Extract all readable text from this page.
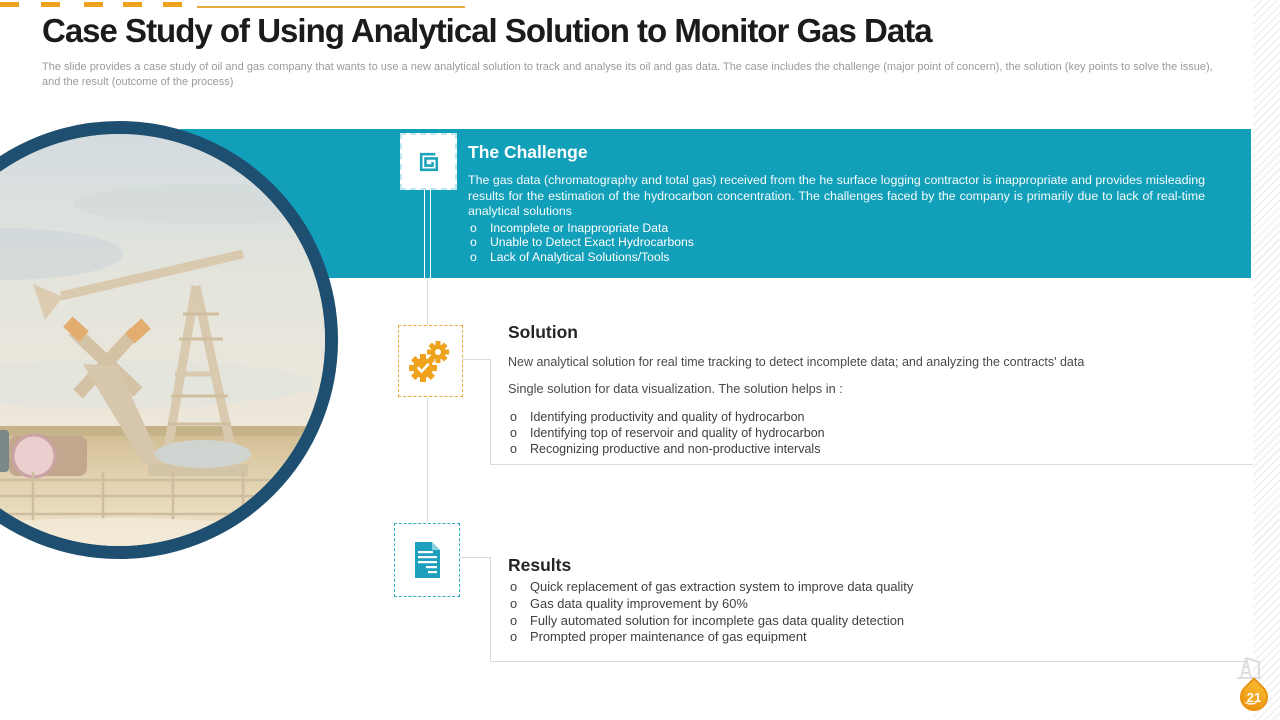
Case Study of Using Analytical Solution to Monitor Gas Data
The slide provides a case study of oil and gas company that wants to use a new analytical solution to track and analyse its oil and gas data. The case includes the challenge (major point of concern), the solution (key points to solve the issue), and the result (outcome of the process)
The Challenge
The gas data (chromatography and total gas) received from the he surface logging contractor is inappropriate and provides misleading results for the estimation of the hydrocarbon concentration. The challenges faced by the company is primarily due to lack of real-time analytical solutions
o	Incomplete or Inappropriate Data
o	Unable to Detect Exact Hydrocarbons
o	Lack of Analytical Solutions/Tools
Solution
New analytical solution for real time tracking to detect incomplete data; and analyzing the contracts' data
Single solution for data visualization. The solution helps in :
o	Identifying productivity and quality of hydrocarbon
o	Identifying top of reservoir and quality of hydrocarbon
o	Recognizing productive and non-productive intervals
Results
o Quick replacement of gas extraction system to improve data quality
o Gas data quality improvement by 60%
o Fully automated solution for incomplete gas data quality detection
o Prompted proper maintenance of gas equipment
21
